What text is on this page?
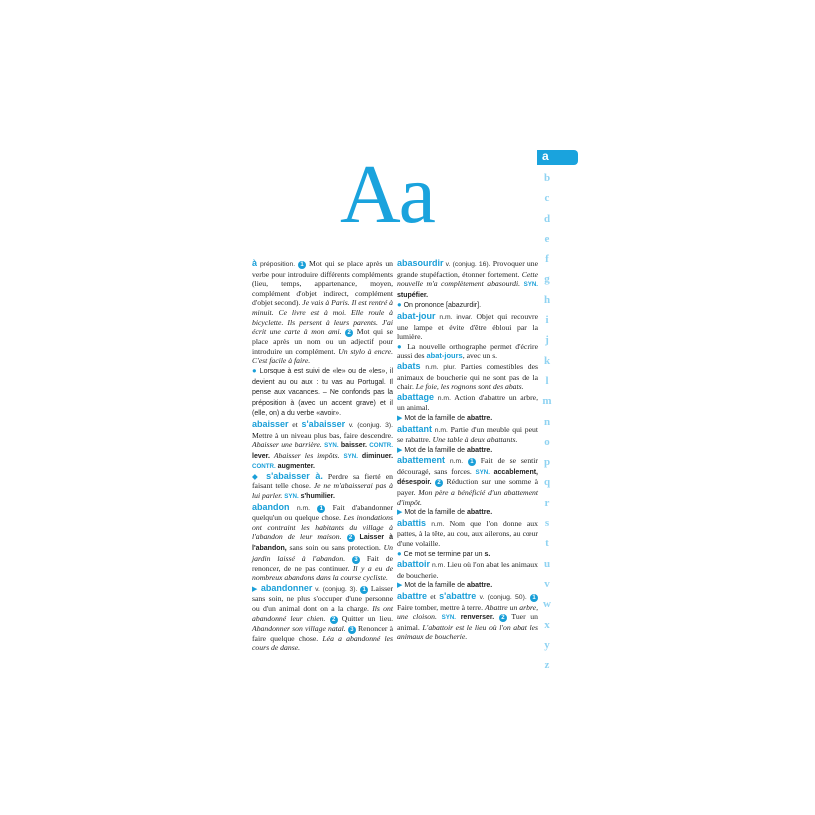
Aa	a
b
c
d
e
f
g
h
i
j
k
l
m
n
o
p
q
r
s
t
u
v
w
x
y
z

à préposition. 1 Mot qui se place après un verbe pour introduire différents compléments (lieu, temps, appartenance, moyen, complément d'objet indirect, complément d'objet second). Je vais à Paris. Il est rentré à minuit. Ce livre est à moi. Elle roule à bicyclette. Ils persent à leurs parents. J'ai écrit une carte à mon ami. 2 Mot qui se place après un nom ou un adjectif pour introduire un complément. Un stylo à encre. C'est facile à faire.
● Lorsque à est suivi de «le» ou de «les», il devient au ou aux : tu vas au Portugal. Il pense aux vacances. – Ne confonds pas la préposition à (avec un accent grave) et il (elle, on) a du verbe «avoir».

abaisser et s'abaisser v. (conjug. 3). Mettre à un niveau plus bas, faire descendre. Abaisser une barrière. SYN. baisser. CONTR. lever. Abaisser les impôts. SYN. diminuer. CONTR. augmenter.
◆ s'abaisser à. Perdre sa fierté en faisant telle chose. Je ne m'abaisserai pas à lui parler. SYN. s'humilier.

abandon n.m. 1 Fait d'abandonner quelqu'un ou quelque chose. Les inondations ont contraint les habitants du village à l'abandon de leur maison. 2 Laisser à l'abandon, sans soin ou sans protection. Un jardin laissé à l'abandon. 3 Fait de renoncer, de ne pas continuer. Il y a eu de nombreux abandons dans la course cycliste.

▶ abandonner v. (conjug. 3). 1 Laisser sans soin, ne plus s'occuper d'une personne ou d'un animal dont on a la charge. Ils ont abandonné leur chien. 2 Quitter un lieu. Abandonner son village natal. 3 Renoncer à faire quelque chose. Léa a abandonné les cours de danse.

abasourdir v. (conjug. 16). Provoquer une grande stupéfaction, étonner fortement. Cette nouvelle m'a complètement abasourdi. SYN. stupéfier.
● On prononce [abazurdir].

abat-jour n.m. invar. Objet qui recouvre une lampe et évite d'être ébloui par la lumière.
● La nouvelle orthographe permet d'écrire aussi des abat-jours, avec un s.

abats n.m. plur. Parties comestibles des animaux de boucherie qui ne sont pas de la chair. Le foie, les rognons sont des abats.

abattage n.m. Action d'abattre un arbre, un animal.
▶ Mot de la famille de abattre.

abattant n.m. Partie d'un meuble qui peut se rabattre. Une table à deux abattants.
▶ Mot de la famille de abattre.

abattement n.m. 1 Fait de se sentir découragé, sans forces. SYN. accablement, désespoir. 2 Réduction sur une somme à payer. Mon père a bénéficié d'un abattement d'impôt.
▶ Mot de la famille de abattre.

abattis n.m. Nom que l'on donne aux pattes, à la tête, au cou, aux ailerons, au cœur d'une volaille.
● Ce mot se termine par un s.

abattoir n.m. Lieu où l'on abat les animaux de boucherie.
▶ Mot de la famille de abattre.

abattre et s'abattre v. (conjug. 50). 1 Faire tomber, mettre à terre. Abattre un arbre, une cloison. SYN. renverser. 2 Tuer un animal. L'abattoir est le lieu où l'on abat les animaux de boucherie.
